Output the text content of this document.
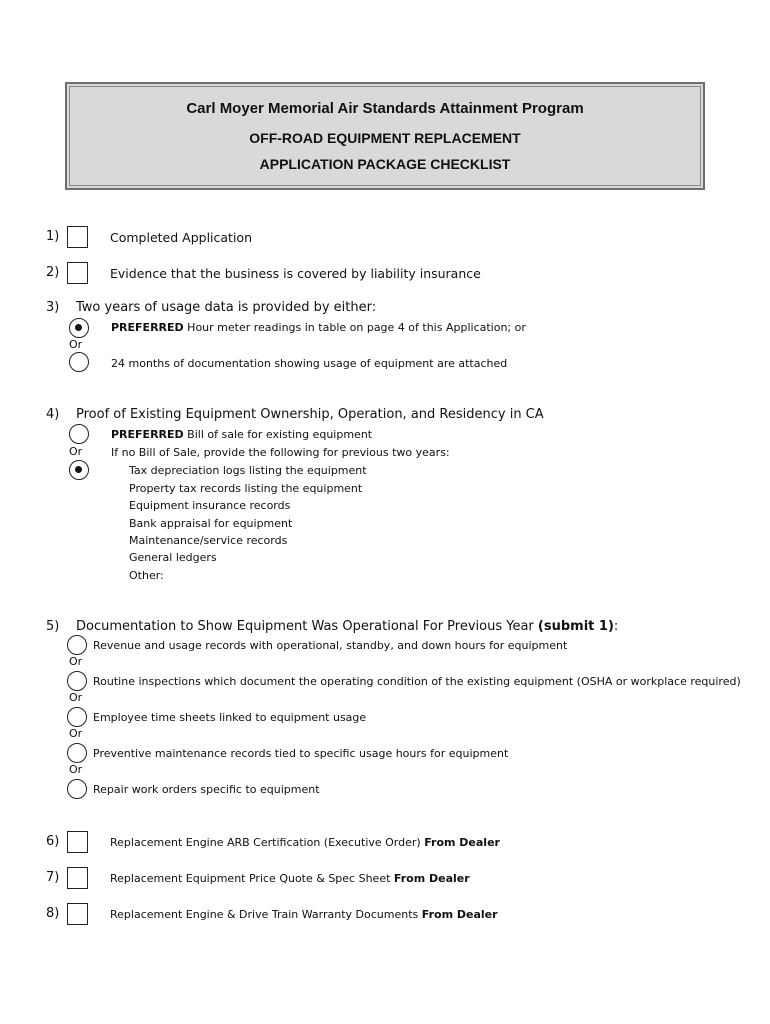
Carl Moyer Memorial Air Standards Attainment Program
OFF-ROAD EQUIPMENT REPLACEMENT
APPLICATION PACKAGE CHECKLIST
1)	Completed Application
2)	Evidence that the business is covered by liability insurance
3) Two years of usage data is provided by either:
PREFERRED Hour meter readings in table on page 4 of this Application; or
Or
24 months of documentation showing usage of equipment are attached
4) Proof of Existing Equipment Ownership, Operation, and Residency in CA
PREFERRED Bill of sale for existing equipment
Or	If no Bill of Sale, provide the following for previous two years:
Tax depreciation logs listing the equipment
Property tax records listing the equipment
Equipment insurance records
Bank appraisal for equipment
Maintenance/service records
General ledgers
Other:
5) Documentation to Show Equipment Was Operational For Previous Year (submit 1):
Revenue and usage records with operational, standby, and down hours for equipment
Or
Routine inspections which document the operating condition of the existing equipment (OSHA or workplace required)
Or
Employee time sheets linked to equipment usage
Or
Preventive maintenance records tied to specific usage hours for equipment
Or
Repair work orders specific to equipment
6)	Replacement Engine ARB Certification (Executive Order) From Dealer
7)	Replacement Equipment Price Quote & Spec Sheet From Dealer
8)	Replacement Engine & Drive Train Warranty Documents From Dealer
